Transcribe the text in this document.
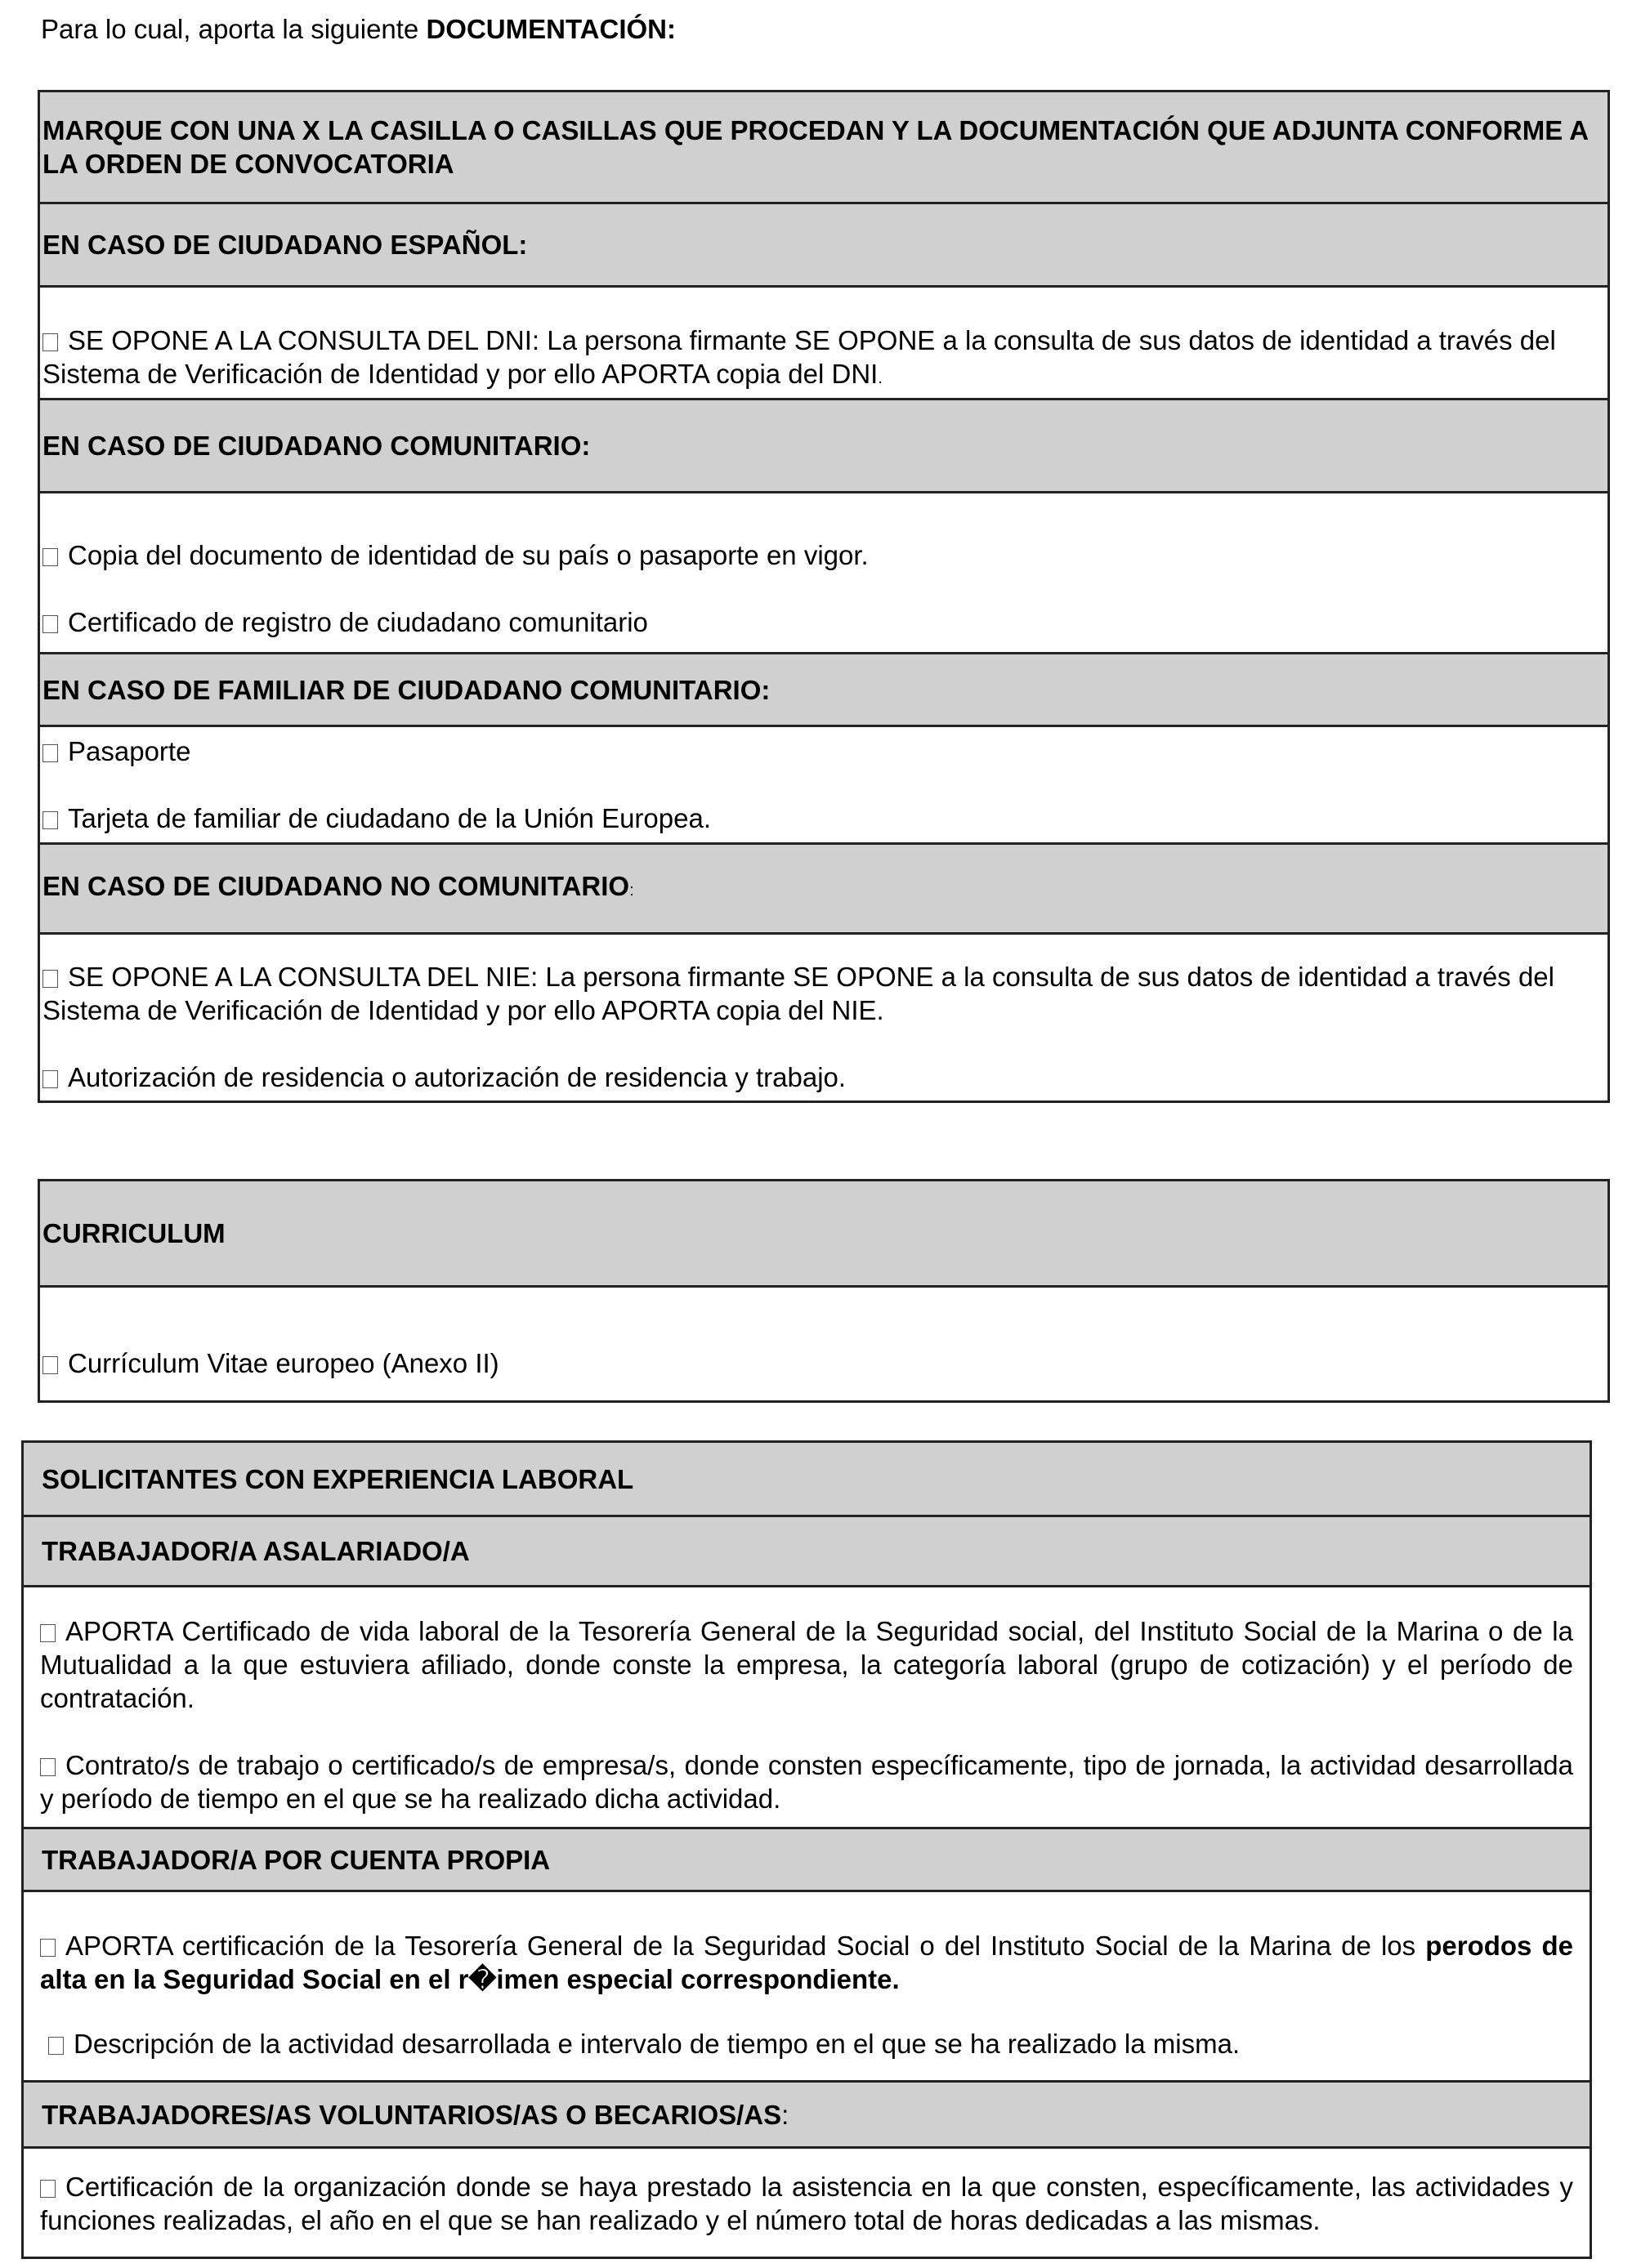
Para lo cual, aporta la siguiente DOCUMENTACIÓN:
MARQUE CON UNA X LA CASILLA O CASILLAS QUE PROCEDAN Y LA DOCUMENTACIÓN QUE ADJUNTA CONFORME A LA ORDEN DE CONVOCATORIA
EN CASO DE CIUDADANO ESPAÑOL:

SE OPONE A LA CONSULTA DEL DNI: La persona firmante SE OPONE a la consulta de sus datos de identidad a través del Sistema de Verificación de Identidad y por ello APORTA copia del DNI.

EN CASO DE CIUDADANO COMUNITARIO:

Copia del documento de identidad de su país o pasaporte en vigor.
Certificado de registro de ciudadano comunitario

EN CASO DE FAMILIAR DE CIUDADANO COMUNITARIO:

Pasaporte
Tarjeta de familiar de ciudadano de la Unión Europea.

EN CASO DE CIUDADANO NO COMUNITARIO:

SE OPONE A LA CONSULTA DEL NIE: La persona firmante SE OPONE a la consulta de sus datos de identidad a través del Sistema de Verificación de Identidad y por ello APORTA copia del NIE.
Autorización de residencia o autorización de residencia y trabajo.
CURRICULUM

Currículum Vitae europeo (Anexo II)
SOLICITANTES CON EXPERIENCIA LABORAL
TRABAJADOR/A ASALARIADO/A

APORTA Certificado de vida laboral de la Tesorería General de la Seguridad social, del Instituto Social de la Marina o de la Mutualidad a la que estuviera afiliado, donde conste la empresa, la categoría laboral (grupo de cotización) y el período de contratación.
Contrato/s de trabajo o certificado/s de empresa/s, donde consten específicamente, tipo de jornada, la actividad desarrollada y período de tiempo en el que se ha realizado dicha actividad.

TRABAJADOR/A POR CUENTA PROPIA

APORTA certificación de la Tesorería General de la Seguridad Social o del Instituto Social de la Marina de los perodos de alta en la Seguridad Social en el r�imen especial correspondiente.
Descripción de la actividad desarrollada e intervalo de tiempo en el que se ha realizado la misma.

TRABAJADORES/AS VOLUNTARIOS/AS O BECARIOS/AS:

Certificación de la organización donde se haya prestado la asistencia en la que consten, específicamente, las actividades y funciones realizadas, el año en el que se han realizado y el número total de horas dedicadas a las mismas.
